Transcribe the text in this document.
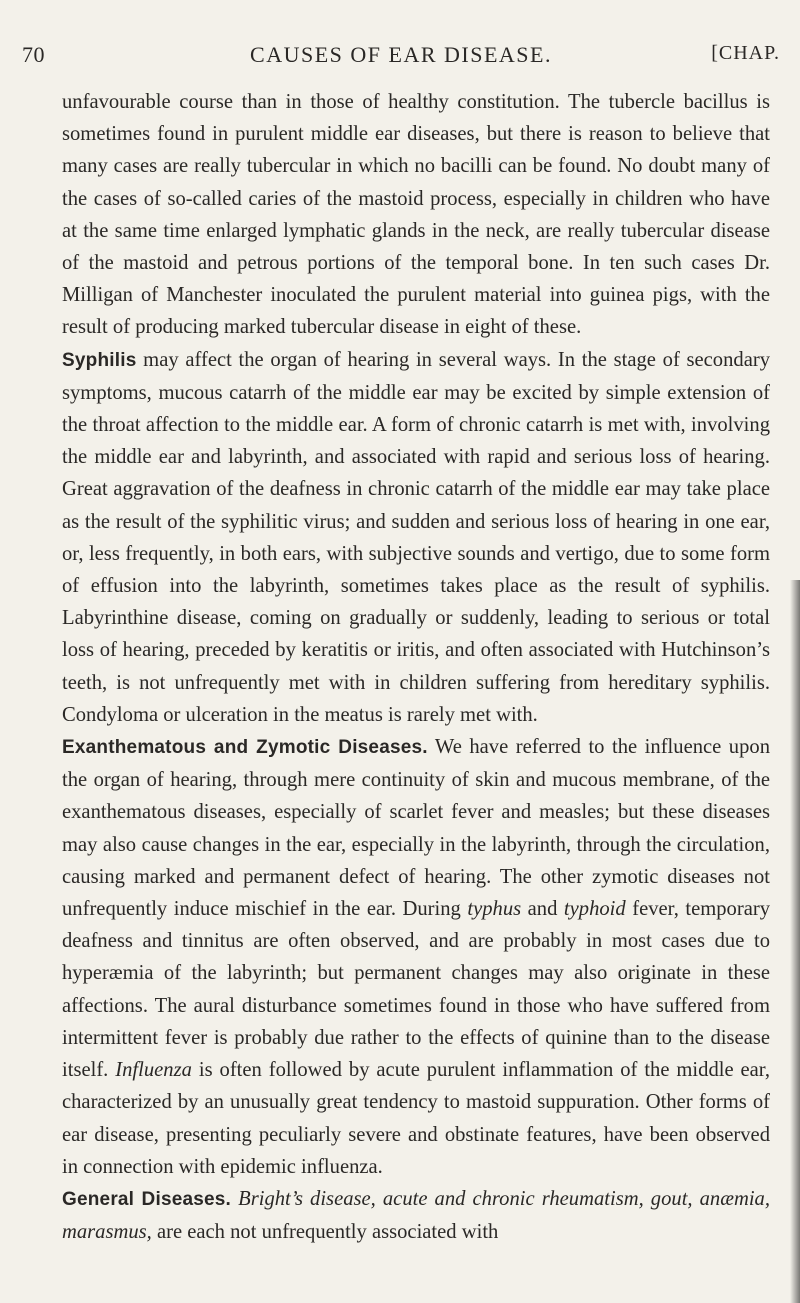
70	CAUSES OF EAR DISEASE.	[CHAP.

unfavourable course than in those of healthy constitution. The tubercle bacillus is sometimes found in purulent middle ear diseases, but there is reason to believe that many cases are really tubercular in which no bacilli can be found. No doubt many of the cases of so-called caries of the mastoid process, especially in children who have at the same time enlarged lymphatic glands in the neck, are really tubercular disease of the mastoid and petrous portions of the temporal bone. In ten such cases Dr. Milligan of Manchester inoculated the purulent material into guinea pigs, with the result of producing marked tubercular disease in eight of these.

Syphilis may affect the organ of hearing in several ways. In the stage of secondary symptoms, mucous catarrh of the middle ear may be excited by simple extension of the throat affection to the middle ear. A form of chronic catarrh is met with, involving the middle ear and labyrinth, and associated with rapid and serious loss of hearing. Great aggravation of the deafness in chronic catarrh of the middle ear may take place as the result of the syphilitic virus; and sudden and serious loss of hearing in one ear, or, less frequently, in both ears, with subjective sounds and vertigo, due to some form of effusion into the labyrinth, sometimes takes place as the result of syphilis. Labyrinthine disease, coming on gradually or suddenly, leading to serious or total loss of hearing, preceded by keratitis or iritis, and often associated with Hutchinson’s teeth, is not unfrequently met with in children suffering from hereditary syphilis. Condyloma or ulceration in the meatus is rarely met with.

Exanthematous and Zymotic Diseases. We have referred to the influence upon the organ of hearing, through mere continuity of skin and mucous membrane, of the exanthematous diseases, especially of scarlet fever and measles; but these diseases may also cause changes in the ear, especially in the labyrinth, through the circulation, causing marked and permanent defect of hearing. The other zymotic diseases not unfrequently induce mischief in the ear. During typhus and typhoid fever, temporary deafness and tinnitus are often observed, and are probably in most cases due to hyperæmia of the labyrinth; but permanent changes may also originate in these affections. The aural disturbance sometimes found in those who have suffered from intermittent fever is probably due rather to the effects of quinine than to the disease itself. Influenza is often followed by acute purulent inflammation of the middle ear, characterized by an unusually great tendency to mastoid suppuration. Other forms of ear disease, presenting peculiarly severe and obstinate features, have been observed in connection with epidemic influenza.

General Diseases. Bright’s disease, acute and chronic rheumatism, gout, anæmia, marasmus, are each not unfrequently associated with
